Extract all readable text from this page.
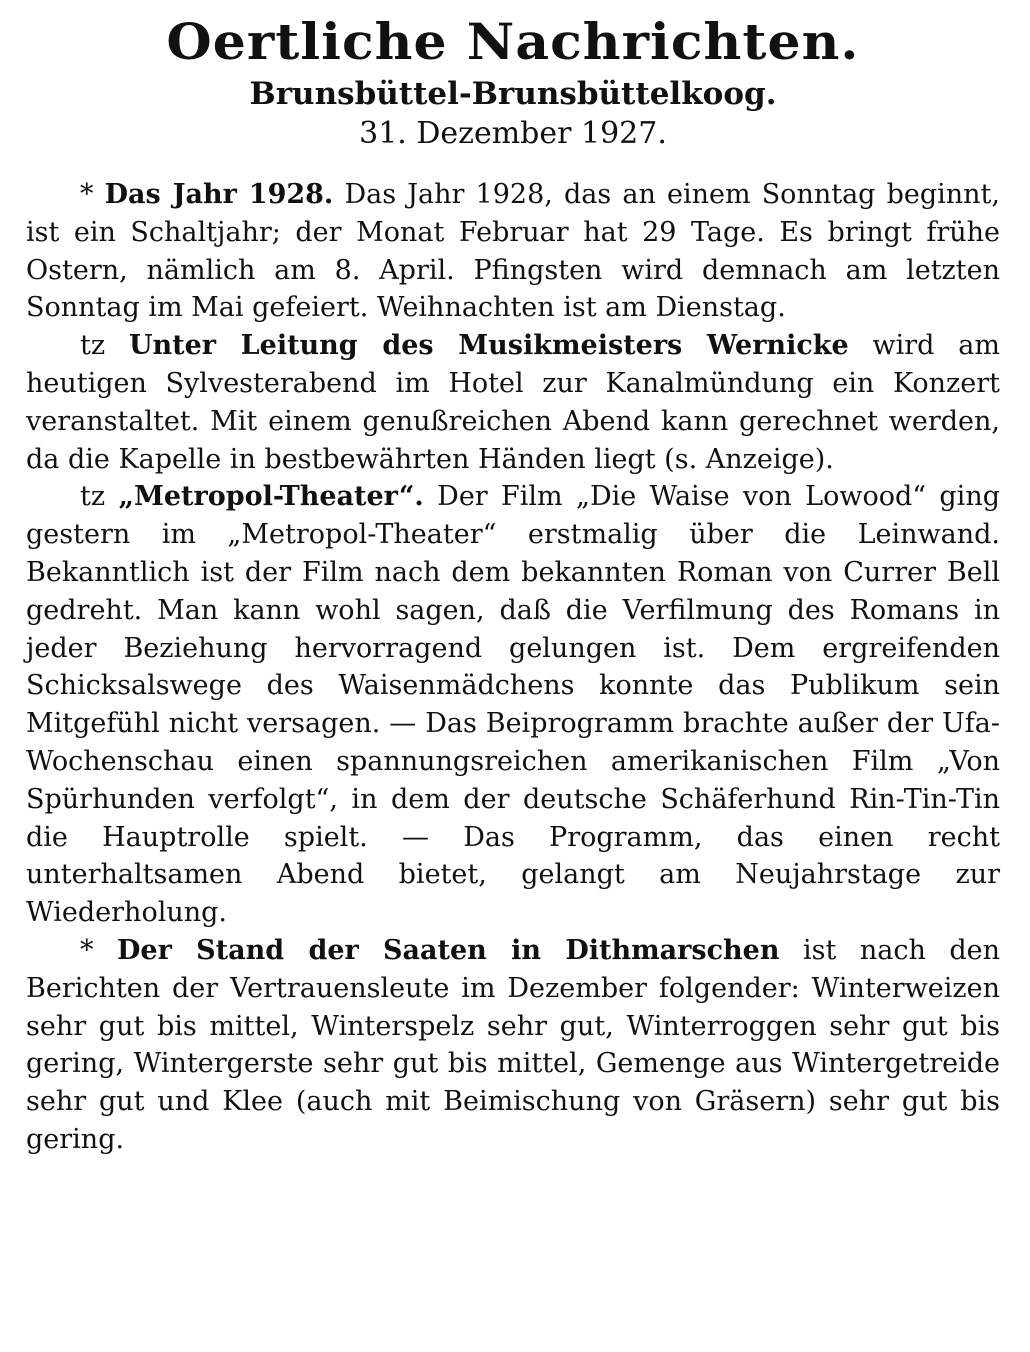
Oertliche Nachrichten.
Brunsbüttel-Brunsbüttelkoog.
31. Dezember 1927.

* Das Jahr 1928. Das Jahr 1928, das an einem Sonntag beginnt, ist ein Schaltjahr; der Monat Februar hat 29 Tage. Es bringt frühe Ostern, nämlich am 8. April. Pfingsten wird demnach am letzten Sonntag im Mai gefeiert. Weihnachten ist am Dienstag.

tz Unter Leitung des Musikmeisters Wernicke wird am heutigen Sylvesterabend im Hotel zur Kanalmündung ein Konzert veranstaltet. Mit einem genußreichen Abend kann gerechnet werden, da die Kapelle in bestbewährten Händen liegt (s. Anzeige).

tz „Metropol-Theater“. Der Film „Die Waise von Lowood“ ging gestern im „Metropol-Theater“ erstmalig über die Leinwand. Bekanntlich ist der Film nach dem bekannten Roman von Currer Bell gedreht. Man kann wohl sagen, daß die Verfilmung des Romans in jeder Beziehung hervorragend gelungen ist. Dem ergreifenden Schicksalswege des Waisenmädchens konnte das Publikum sein Mitgefühl nicht versagen. — Das Beiprogramm brachte außer der Ufa-Wochenschau einen spannungsreichen amerikanischen Film „Von Spürhunden verfolgt“, in dem der deutsche Schäferhund Rin-Tin-Tin die Hauptrolle spielt. — Das Programm, das einen recht unterhaltsamen Abend bietet, gelangt am Neujahrstage zur Wiederholung.

* Der Stand der Saaten in Dithmarschen ist nach den Berichten der Vertrauensleute im Dezember folgender: Winterweizen sehr gut bis mittel, Winterspelz sehr gut, Winterroggen sehr gut bis gering, Wintergerste sehr gut bis mittel, Gemenge aus Wintergetreide sehr gut und Klee (auch mit Beimischung von Gräsern) sehr gut bis gering.
